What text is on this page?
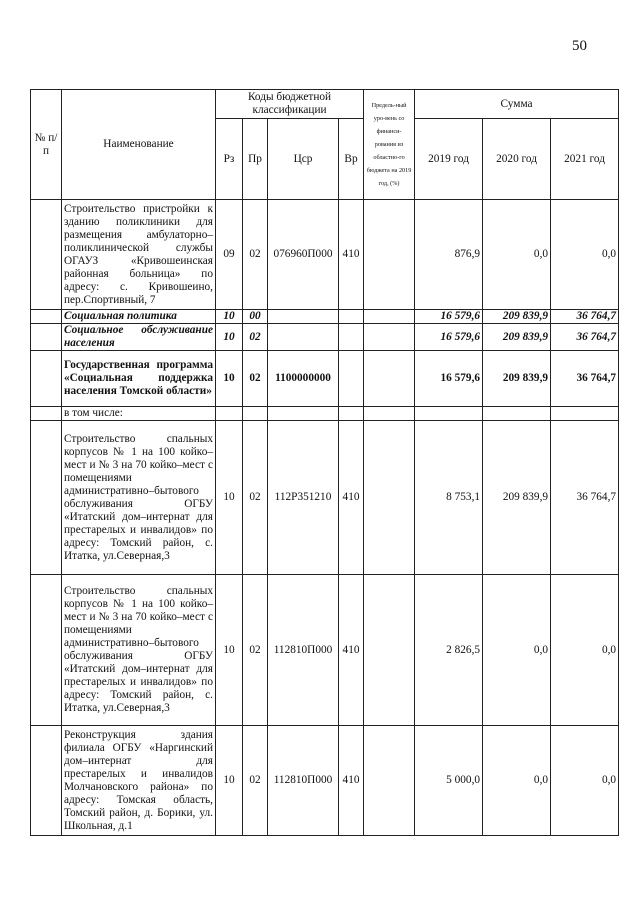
50
№ п/п	Наименование	Коды бюджетной классификации				Предель-ный уро-вень со финанси-рования из областно-го бюджета на 2019 год, (%)	Сумма		
		Рз	Пр	Цср	Вр		2019 год	2020 год	2021 год
	Строительство пристройки к зданию поликлиники для размещения амбулаторно–поликлинической службы ОГАУЗ «Кривошеинская районная больница» по адресу: с. Кривошеино, пер.Спортивный, 7	09	02	076960П000	410		876,9	0,0	0,0
	Социальная политика	10	00				16 579,6	209 839,9	36 764,7
	Социальное обслуживание населения	10	02				16 579,6	209 839,9	36 764,7
	Государственная программа «Социальная поддержка населения Томской области»	10	02	1100000000			16 579,6	209 839,9	36 764,7
	в том числе:								
	Строительство спальных корпусов № 1 на 100 койко–мест и № 3 на 70 койко–мест с помещениями административно–бытового обслуживания ОГБУ «Итатский дом–интернат для престарелых и инвалидов» по адресу: Томский район, с. Итатка, ул.Северная,3	10	02	112Р351210	410		8 753,1	209 839,9	36 764,7
	Строительство спальных корпусов № 1 на 100 койко–мест и № 3 на 70 койко–мест с помещениями административно–бытового обслуживания ОГБУ «Итатский дом–интернат для престарелых и инвалидов» по адресу: Томский район, с. Итатка, ул.Северная,3	10	02	112810П000	410		2 826,5	0,0	0,0
	Реконструкция здания филиала ОГБУ «Наргинский дом–интернат для престарелых и инвалидов Молчановского района» по адресу: Томская область, Томский район, д. Борики, ул. Школьная, д.1	10	02	112810П000	410		5 000,0	0,0	0,0
